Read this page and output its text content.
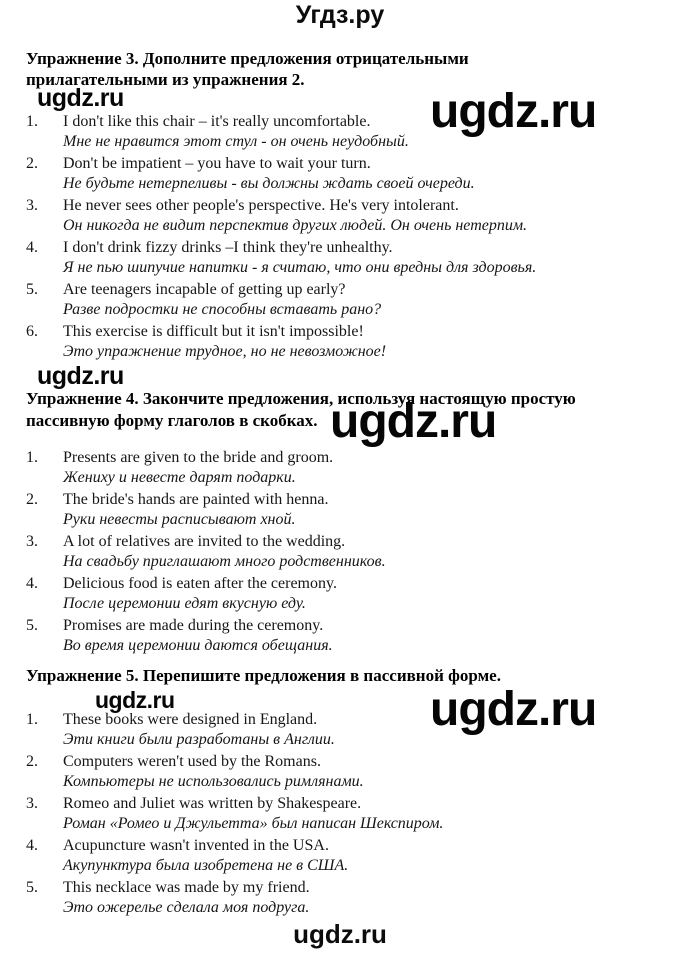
Угдз.ру
ugdz.ru	ugdz.ru
ugdz.ru
ugdz.ru
ugdz.ru	ugdz.ru
Упражнение 3. Дополните предложения отрицательными
прилагательными из упражнения 2.
1.	I don't like this chair – it's really uncomfortable.
Мне не нравится этот стул - он очень неудобный.
2.	Don't be impatient – you have to wait your turn.
Не будьте нетерпеливы - вы должны ждать своей очереди.
3.	He never sees other people's perspective. He's very intolerant.
Он никогда не видит перспектив других людей. Он очень нетерпим.
4.	I don't drink fizzy drinks –I think they're unhealthy.
Я не пью шипучие напитки - я считаю, что они вредны для здоровья.
5.	Are teenagers incapable of getting up early?
Разве подростки не способны вставать рано?
6.	This exercise is difficult but it isn't impossible!
Это упражнение трудное, но не невозможное!
Упражнение 4. Закончите предложения, используя настоящую простую
пассивную форму глаголов в скобках.
1.	Presents are given to the bride and groom.
Жениху и невесте дарят подарки.
2.	The bride's hands are painted with henna.
Руки невесты расписывают хной.
3.	A lot of relatives are invited to the wedding.
На свадьбу приглашают много родственников.
4.	Delicious food is eaten after the ceremony.
После церемонии едят вкусную еду.
5.	Promises are made during the ceremony.
Во время церемонии даются обещания.
Упражнение 5. Перепишите предложения в пассивной форме.
1.	These books were designed in England.
Эти книги были разработаны в Англии.
2.	Computers weren't used by the Romans.
Компьютеры не использовались римлянами.
3.	Romeo and Juliet was written by Shakespeare.
Роман «Ромео и Джульетта» был написан Шекспиром.
4.	Acupuncture wasn't invented in the USA.
Акупунктура была изобретена не в США.
5.	This necklace was made by my friend.
Это ожерелье сделала моя подруга.
ugdz.ru
